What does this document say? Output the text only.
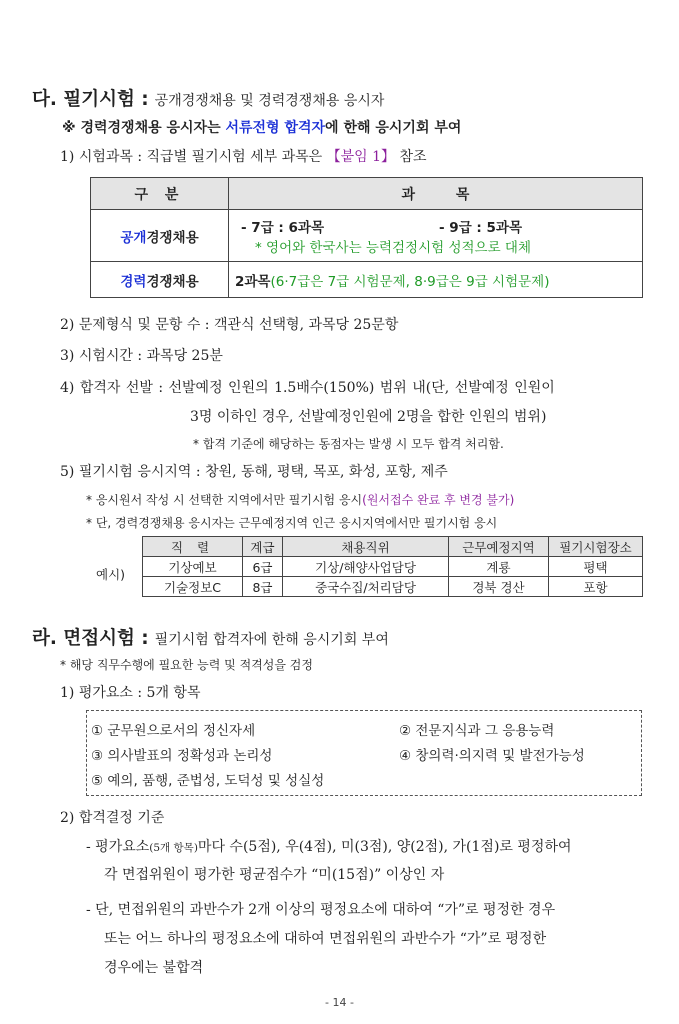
다. 필기시험 : 공개경쟁채용 및 경력경쟁채용 응시자
※ 경력경쟁채용 응시자는 서류전형 합격자에 한해 응시기회 부여
1) 시험과목 : 직급별 필기시험 세부 과목은 【붙임 1】 참조
구 분	과 목
공개경쟁채용	- 7급 : 6과목 - 9급 : 5과목
* 영어와 한국사는 능력검정시험 성적으로 대체

경력경쟁채용	2과목(6·7급은 7급 시험문제, 8·9급은 9급 시험문제)
2) 문제형식 및 문항 수 : 객관식 선택형, 과목당 25문항
3) 시험시간 : 과목당 25분
4) 합격자 선발 : 선발예정 인원의 1.5배수(150%) 범위 내(단, 선발예정 인원이
3명 이하인 경우, 선발예정인원에 2명을 합한 인원의 범위)
* 합격 기준에 해당하는 동점자는 발생 시 모두 합격 처리함.
5) 필기시험 응시지역 : 창원, 동해, 평택, 목포, 화성, 포항, 제주
* 응시원서 작성 시 선택한 지역에서만 필기시험 응시(원서접수 완료 후 변경 불가)
* 단, 경력경쟁채용 응시자는 근무예정지역 인근 응시지역에서만 필기시험 응시
예시)
직 렬	계급	채용직위	근무예정지역	필기시험장소
기상예보	6급	기상/해양사업담당	계룡	평택
기술정보C	8급	중국수집/처리담당	경북 경산	포항
라. 면접시험 : 필기시험 합격자에 한해 응시기회 부여
* 해당 직무수행에 필요한 능력 및 적격성을 검정
1) 평가요소 : 5개 항목
① 군무원으로서의 정신자세	② 전문지식과 그 응용능력
③ 의사발표의 정확성과 논리성	④ 창의력·의지력 및 발전가능성
⑤ 예의, 품행, 준법성, 도덕성 및 성실성
2) 합격결정 기준
- 평가요소(5개 항목)마다 수(5점), 우(4점), 미(3점), 양(2점), 가(1점)로 평정하여
각 면접위원이 평가한 평균점수가 “미(15점)” 이상인 자
- 단, 면접위원의 과반수가 2개 이상의 평정요소에 대하여 “가”로 평정한 경우
또는 어느 하나의 평정요소에 대하여 면접위원의 과반수가 “가”로 평정한
경우에는 불합격
- 14 -
